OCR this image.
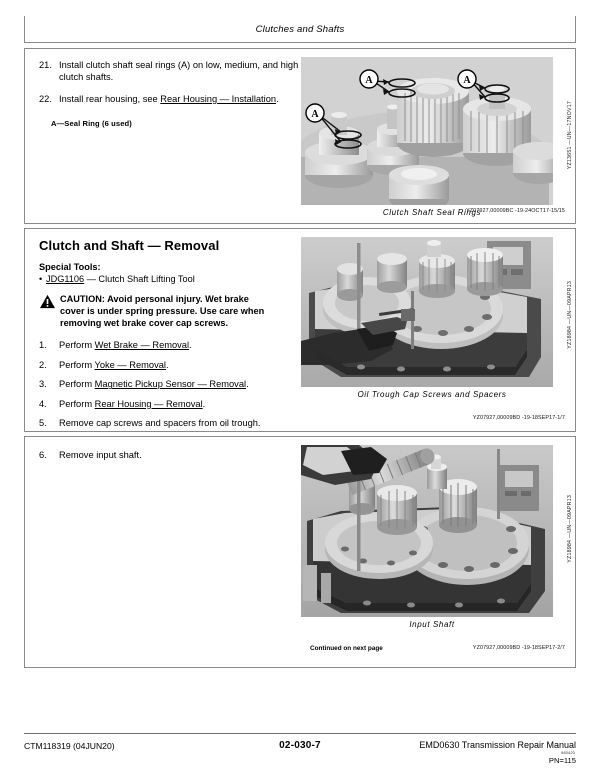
Clutches and Shafts
21. Install clutch shaft seal rings (A) on low, medium, and high clutch shafts.
22. Install rear housing, see Rear Housing — Installation.
A—Seal Ring (6 used)
A
A	A
YZ13651 —UN—17NOV17
Clutch Shaft Seal Rings
YZ07927,00009BC -19-24OCT17-15/15
Clutch and Shaft — Removal
Special Tools:
• JDG1106 — Clutch Shaft Lifting Tool
CAUTION: Avoid personal injury. Wet brake
cover is under spring pressure. Use care when
removing wet brake cover cap screws.
1. Perform Wet Brake — Removal.
2. Perform Yoke — Removal.
3. Perform Magnetic Pickup Sensor — Removal.
4. Perform Rear Housing — Removal.
5. Remove cap screws and spacers from oil trough.
YZ18984 —UN—09APR13
Oil Trough Cap Screws and Spacers
YZ07927,00009BD -19-18SEP17-1/7
6. Remove input shaft.
YZ18984 —UN—09APR13
Input Shaft
Continued on next page	YZ07927,00009BD -19-18SEP17-2/7
CTM118319 (04JUN20)	02-030-7	EMD0630 Transmission Repair Manual
980420
PN=115
